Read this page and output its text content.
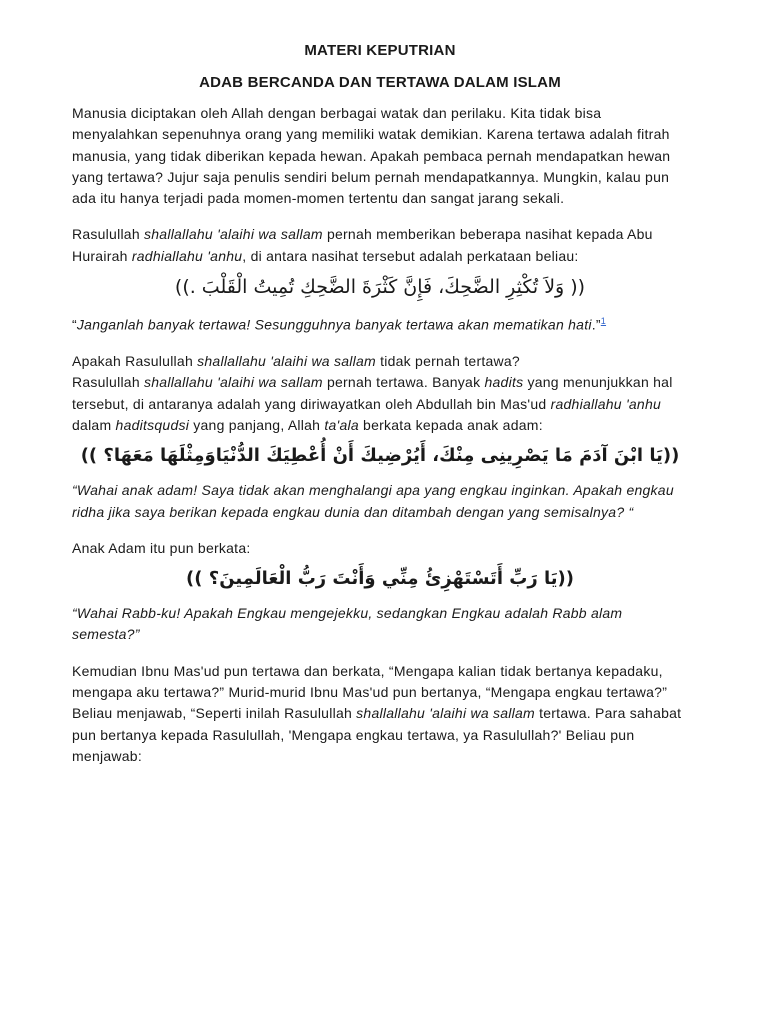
MATERI KEPUTRIAN
ADAB BERCANDA DAN TERTAWA DALAM ISLAM

Manusia diciptakan oleh Allah dengan berbagai watak dan perilaku. Kita tidak bisa menyalahkan sepenuhnya orang yang memiliki watak demikian. Karena tertawa adalah fitrah manusia, yang tidak diberikan kepada hewan. Apakah pembaca pernah mendapatkan hewan yang tertawa? Jujur saja penulis sendiri belum pernah mendapatkannya. Mungkin, kalau pun ada itu hanya terjadi pada momen-momen tertentu dan sangat jarang sekali.

Rasulullah shallallahu 'alaihi wa sallam pernah memberikan beberapa nasihat kepada Abu Hurairah radhiallahu 'anhu, di antara nasihat tersebut adalah perkataan beliau:

(( وَلاَ تُكْثِرِ الضَّحِكَ، فَإِنَّ كَثْرَةَ الضَّحِكِ تُمِيتُ الْقَلْبَ .))

“Janganlah banyak tertawa! Sesungguhnya banyak tertawa akan mematikan hati.”$^1$

Apakah Rasulullah shallallahu 'alaihi wa sallam tidak pernah tertawa?

Rasulullah shallallahu 'alaihi wa sallam pernah tertawa. Banyak hadits yang menunjukkan hal tersebut, di antaranya adalah yang diriwayatkan oleh Abdullah bin Mas'ud radhiallahu 'anhu dalam haditsqudsi yang panjang, Allah ta'ala berkata kepada anak adam:

((يَا ابْنَ آدَمَ مَا يَصْرِينِى مِنْكَ، أَيُرْضِيكَ أَنْ أُعْطِيَكَ الدُّنْيَاوَمِثْلَهَا مَعَهَا؟ ))

“Wahai anak adam! Saya tidak akan menghalangi apa yang engkau inginkan. Apakah engkau ridha jika saya berikan kepada engkau dunia dan ditambah dengan yang semisalnya? “

Anak Adam itu pun berkata:

((يَا رَبِّ أَتَسْتَهْزِئُ مِنِّي وَأَنْتَ رَبُّ الْعَالَمِينَ؟ ))

“Wahai Rabb-ku! Apakah Engkau mengejekku, sedangkan Engkau adalah Rabb alam semesta?”

Kemudian Ibnu Mas'ud pun tertawa dan berkata, “Mengapa kalian tidak bertanya kepadaku, mengapa aku tertawa?” Murid-murid Ibnu Mas'ud pun bertanya, “Mengapa engkau tertawa?” Beliau menjawab, “Seperti inilah Rasulullah shallallahu 'alaihi wa sallam tertawa. Para sahabat pun bertanya kepada Rasulullah, 'Mengapa engkau tertawa, ya Rasulullah?' Beliau pun menjawab:
